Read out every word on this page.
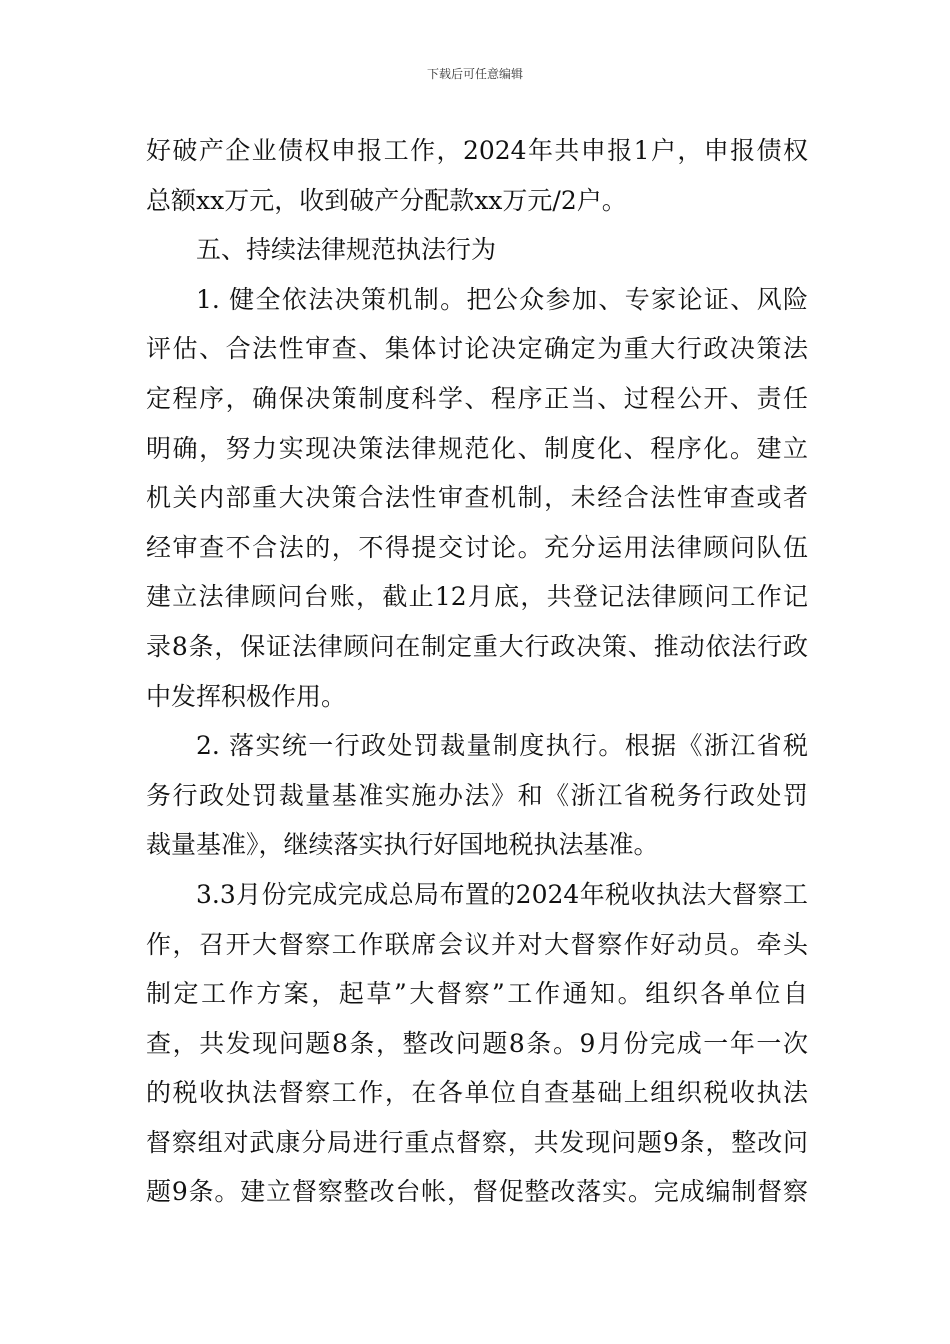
下载后可任意编辑
好破产企业债权申报工作，2024年共申报1户，申报债权
总额xx万元，收到破产分配款xx万元/2户。
五、持续法律规范执法行为
1. 健全依法决策机制。把公众参加、专家论证、风险
评估、合法性审查、集体讨论决定确定为重大行政决策法
定程序，确保决策制度科学、程序正当、过程公开、责任
明确，努力实现决策法律规范化、制度化、程序化。建立
机关内部重大决策合法性审查机制，未经合法性审查或者
经审查不合法的，不得提交讨论。充分运用法律顾问队伍
建立法律顾问台账，截止12月底，共登记法律顾问工作记
录8条，保证法律顾问在制定重大行政决策、推动依法行政
中发挥积极作用。
2. 落实统一行政处罚裁量制度执行。根据《浙江省税
务行政处罚裁量基准实施办法》和《浙江省税务行政处罚
裁量基准》，继续落实执行好国地税执法基准。
3.3月份完成完成总局布置的2024年税收执法大督察工
作，召开大督察工作联席会议并对大督察作好动员。牵头
制定工作方案，起草”大督察”工作通知。组织各单位自
查，共发现问题8条，整改问题8条。9月份完成一年一次
的税收执法督察工作，在各单位自查基础上组织税收执法
督察组对武康分局进行重点督察，共发现问题9条，整改问
题9条。建立督察整改台帐，督促整改落实。完成编制督察
